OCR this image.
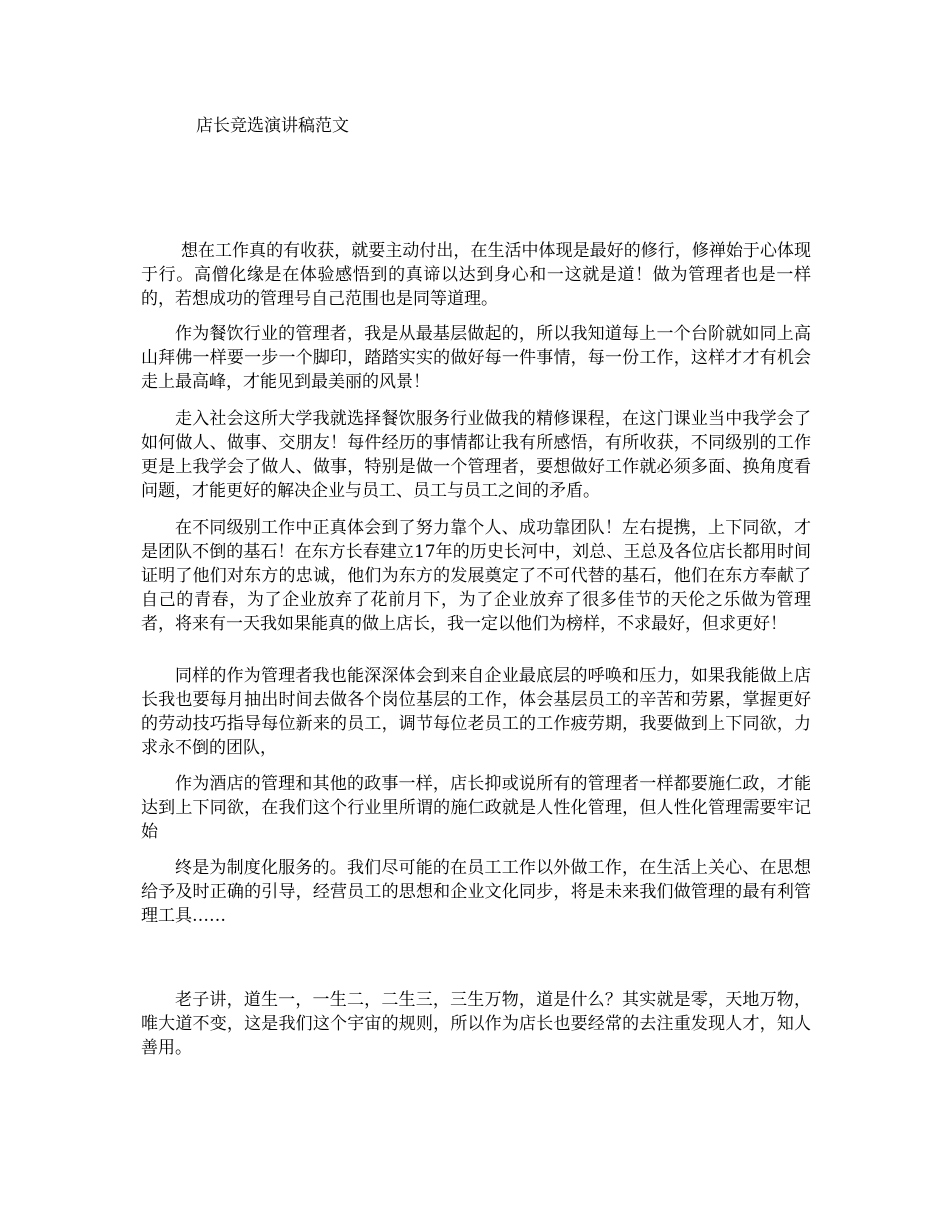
店长竞选演讲稿范文

想在工作真的有收获，就要主动付出，在生活中体现是最好的修行，修禅始于心体现于行。高僧化缘是在体验感悟到的真谛以达到身心和一这就是道！做为管理者也是一样的，若想成功的管理号自己范围也是同等道理。

作为餐饮行业的管理者，我是从最基层做起的，所以我知道每上一个台阶就如同上高山拜佛一样要一步一个脚印，踏踏实实的做好每一件事情，每一份工作，这样才才有机会走上最高峰，才能见到最美丽的风景！

走入社会这所大学我就选择餐饮服务行业做我的精修课程，在这门课业当中我学会了如何做人、做事、交朋友！每件经历的事情都让我有所感悟，有所收获，不同级别的工作更是上我学会了做人、做事，特别是做一个管理者，要想做好工作就必须多面、换角度看问题，才能更好的解决企业与员工、员工与员工之间的矛盾。

在不同级别工作中正真体会到了努力靠个人、成功靠团队！左右提携，上下同欲，才是团队不倒的基石！在东方长春建立17年的历史长河中，刘总、王总及各位店长都用时间证明了他们对东方的忠诚，他们为东方的发展奠定了不可代替的基石，他们在东方奉献了自己的青春，为了企业放弃了花前月下，为了企业放弃了很多佳节的天伦之乐做为管理者，将来有一天我如果能真的做上店长，我一定以他们为榜样，不求最好，但求更好！

同样的作为管理者我也能深深体会到来自企业最底层的呼唤和压力，如果我能做上店长我也要每月抽出时间去做各个岗位基层的工作，体会基层员工的辛苦和劳累，掌握更好的劳动技巧指导每位新来的员工，调节每位老员工的工作疲劳期，我要做到上下同欲，力求永不倒的团队，

作为酒店的管理和其他的政事一样，店长抑或说所有的管理者一样都要施仁政，才能达到上下同欲，在我们这个行业里所谓的施仁政就是人性化管理，但人性化管理需要牢记始

终是为制度化服务的。我们尽可能的在员工工作以外做工作，在生活上关心、在思想给予及时正确的引导，经营员工的思想和企业文化同步，将是未来我们做管理的最有利管理工具……

老子讲，道生一，一生二，二生三，三生万物，道是什么？其实就是零，天地万物，唯大道不变，这是我们这个宇宙的规则，所以作为店长也要经常的去注重发现人才，知人善用。
